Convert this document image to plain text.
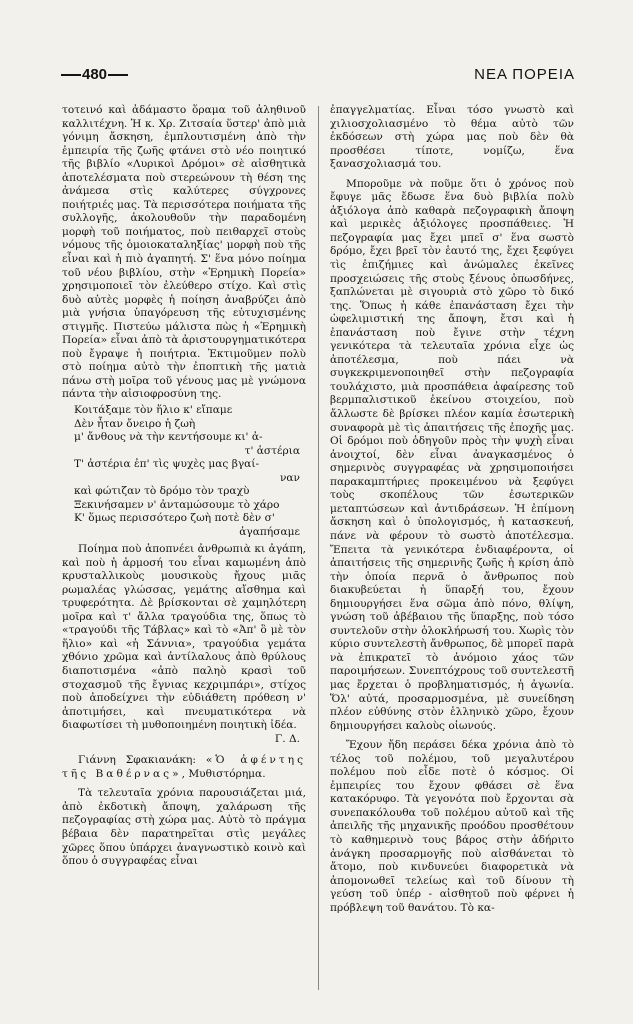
480	ΝΕΑ ΠΟΡΕΙΑ

τοτεινό καὶ ἀδάμαστο ὅραμα τοῦ ἀληθινοῦ καλλιτέχνη. Ἡ κ. Χρ. Ζιτσαία ὕστερ' ἀπὸ μιὰ γόνιμη ἄσκηση, ἐμπλουτισμένη ἀπὸ τὴν ἐμπειρία τῆς ζωῆς φτάνει στὸ νέο ποιητικό τῆς βιβλίο «Λυρικοὶ Δρόμοι» σὲ αἰσθητικὰ ἀποτελέσματα ποὺ στερεώνουν τὴ θέση της ἀνάμεσα στὶς καλύτερες σύγχρονες ποιήτριές μας. Τὰ περισσότερα ποιήματα τῆς συλλογῆς, ἀκολουθοῦν τὴν παραδομένη μορφὴ τοῦ ποιήματος, ποὺ πειθαρχεῖ στοὺς νόμους τῆς ὁμοιοκαταληξίας' μορφὴ ποὺ τῆς εἶναι καὶ ἡ πιὸ ἀγαπητή. Σ' ἕνα μόνο ποίημα τοῦ νέου βιβλίου, στὴν «Ἐρημικὴ Πορεία» χρησιμοποιεῖ τὸν ἐλεύθερο στίχο. Καὶ στὶς δυὸ αὐτὲς μορφὲς ἡ ποίηση ἀναβρύζει ἀπὸ μιὰ γνήσια ὑπαγόρευση τῆς εὐτυχισμένης στιγμῆς. Πιστεύω μάλιστα πὼς ἡ «Ἐρημικὴ Πορεία» εἶναι ἀπὸ τὰ ἀριστουργηματικότερα ποὺ ἔγραψε ἡ ποιήτρια. Ἐκτιμοῦμεν πολὺ στὸ ποίημα αὐτὸ τὴν ἐποπτικὴ τῆς ματιὰ πάνω στὴ μοῖρα τοῦ γένους μας μὲ γνώμονα πάντα τὴν αἰσιοφροσύνη της.

Κοιτάξαμε τὸν ἥλιο κ' εἴπαμε
Δὲν ἦταν ὄνειρο ἡ ζωὴ
μ' ἄνθους νὰ τὴν κεντήσουμε κι' ἀ-
τ' ἀστέρια
Τ' ἀστέρια ἐπ' τὶς ψυχὲς μας βγαί-
ναν
καὶ φώτιζαν τὸ δρόμο τὸν τραχὺ
Ξεκινήσαμεν ν' ἀνταμώσουμε τὸ χάρο
Κ' ὅμως περισσότερο ζωὴ ποτὲ δὲν σ'
ἀγαπήσαμε

Ποίημα ποὺ ἀποπνέει ἀνθρωπιὰ κι ἀγάπη, καὶ ποὺ ἡ ἁρμοσή του εἶναι καμωμένη ἀπὸ κρυσταλλικοὺς μουσικοὺς ἤχους μιᾶς ρωμαλέας γλώσσας, γεμάτης αἴσθημα καὶ τρυφερότητα. Δὲ βρίσκονται σὲ χαμηλότερη μοῖρα καὶ τ' ἄλλα τραγούδια της, ὅπως τὸ «τραγούδι τῆς Τάβλας» καὶ τὸ «Ἀπ' ὃ μὲ τὸν ἥλιο» καὶ «ἡ Σάννια», τραγούδια γεμάτα χθόνιο χρῶμα καὶ ἀντίλαλους ἀπὸ θρύλους διαποτισμένα «ἀπὸ παληὸ κρασὶ τοῦ στοχασμοῦ τῆς ἔγνιας κεχριμπάρι», στίχος ποὺ ἀποδείχνει τὴν εὐδιάθετη πρόθεση ν' ἀποτιμήσει, καὶ πνευματικότερα νὰ διαφωτίσει τὴ μυθοποιημένη ποιητικὴ ἰδέα.

Γ. Δ.

Γιάννη Σφακιανάκη: «Ὁ ἀφέντης τῆς Βαθέρνας», Μυθιστόρημα.

Τὰ τελευταῖα χρόνια παρουσιάζεται μιά, ἀπὸ ἐκδοτικὴ ἄποψη, χαλάρωση τῆς πεζογραφίας στὴ χώρα μας. Αὐτὸ τὸ πράγμα βέβαια δὲν παρατηρεῖται στὶς μεγάλες χῶρες ὅπου ὑπάρχει ἀναγνωστικὸ κοινὸ καὶ ὅπου ὁ συγγραφέας εἶναι

ἐπαγγελματίας. Εἶναι τόσο γνωστὸ καὶ χιλιοσχολιασμένο τὸ θέμα αὐτὸ τῶν ἐκδόσεων στὴ χώρα μας ποὺ δὲν θὰ προσθέσει τίποτε, νομίζω, ἕνα ξανασχολιασμά του.

Μποροῦμε νὰ ποῦμε ὅτι ὁ χρόνος ποὺ ἔφυγε μᾶς ἔδωσε ἕνα δυὸ βιβλία πολὺ ἀξιόλογα ἀπὸ καθαρὰ πεζογραφικὴ ἄποψη καὶ μερικὲς ἀξιόλογες προσπάθειες. Ἡ πεζογραφία μας ἔχει μπεῖ σ' ἕνα σωστὸ δρόμο, ἔχει βρεῖ τὸν ἑαυτό της, ἔχει ξεφύγει τὶς ἐπιζήμιες καὶ ἀνώμαλες ἐκεῖνες προσχειώσεις τῆς στοὺς ξένους ὁπωσδήνες, ξαπλώνεται μὲ σιγουριὰ στὸ χῶρο τὸ δικό της. Ὅπως ἡ κάθε ἐπανάσταση ἔχει τὴν ὠφελιμιστική της ἄποψη, ἔτσι καὶ ἡ ἐπανάσταση ποὺ ἔγινε στὴν τέχνη γενικότερα τὰ τελευταῖα χρόνια εἶχε ὡς ἀποτέλεσμα, ποὺ πάει νὰ συγκεκριμενοποιηθεῖ στὴν πεζογραφία τουλάχιστο, μιὰ προσπάθεια ἀφαίρεσης τοῦ βερμπαλιστικοῦ ἐκείνου στοιχείου, ποὺ ἄλλωστε δὲ βρίσκει πλέον καμία ἐσωτερικὴ συναφορὰ μὲ τὶς ἀπαιτήσεις τῆς ἐποχῆς μας. Οἱ δρόμοι ποὺ ὁδηγοῦν πρὸς τὴν ψυχὴ εἶναι ἀνοιχτοί, δὲν εἶναι ἀναγκασμένος ὁ σημερινὸς συγγραφέας νὰ χρησιμοποιήσει παρακαμπτήριες προκειμένου νὰ ξεφύγει τοὺς σκοπέλους τῶν ἐσωτερικῶν μεταπτώσεων καὶ ἀντιδράσεων. Ἡ ἐπίμονη ἄσκηση καὶ ὁ ὑπολογισμός, ἡ κατασκευή, πάνε νὰ φέρουν τὸ σωστὸ ἀποτέλεσμα. Ἔπειτα τὰ γενικότερα ἐνδιαφέροντα, οἱ ἀπαιτήσεις τῆς σημερινῆς ζωῆς ἡ κρίση ἀπὸ τὴν ὁποία περνᾶ ὁ ἄνθρωπος ποὺ διακυβεύεται ἡ ὕπαρξή του, ἔχουν δημιουργήσει ἕνα σῶμα ἀπὸ πόνο, θλίψη, γνώση τοῦ ἀβέβαιου τῆς ὕπαρξης, ποὺ τόσο συντελοῦν στὴν ὁλοκλήρωσή του. Χωρὶς τὸν κύριο συντελεστὴ ἄνθρωπος, δὲ μπορεῖ παρὰ νὰ ἐπικρατεῖ τὸ ἀνόμοιο χάος τῶν παροιμήσεων. Συνεπτόχρους τοῦ συντελεστῆ μας ἔρχεται ὁ προβληματισμός, ἡ ἀγωνία. Ὅλ' αὐτά, προσαρμοσμένα, μὲ συνείδηση πλέον εὐθύνης στὸν ἑλληνικὸ χῶρο, ἔχουν δημιουργήσει καλοὺς οἰωνούς.

Ἔχουν ἤδη περάσει δέκα χρόνια ἀπὸ τὸ τέλος τοῦ πολέμου, τοῦ μεγαλυτέρου πολέμου ποὺ εἶδε ποτὲ ὁ κόσμος. Οἱ ἐμπειρίες του ἔχουν φθάσει σὲ ἕνα κατακόρυφο. Τὰ γεγονότα ποὺ ἔρχονται σὰ συνεπακόλουθα τοῦ πολέμου αὐτοῦ καὶ τῆς ἀπειλῆς τῆς μηχανικῆς προόδου προσθέτουν τὸ καθημερινὸ τους βάρος στὴν ἀδήριτο ἀνάγκη προσαρμογῆς ποὺ αἰσθάνεται τὸ ἄτομο, ποὺ κινδυνεύει διαφορετικὰ νὰ ἀπομονωθεῖ τελείως καὶ τοῦ δίνουν τὴ γεύση τοῦ ὑπέρ - αἰσθητοῦ ποὺ φέρνει ἡ πρόβλεψη τοῦ θανάτου. Τὸ κα-
